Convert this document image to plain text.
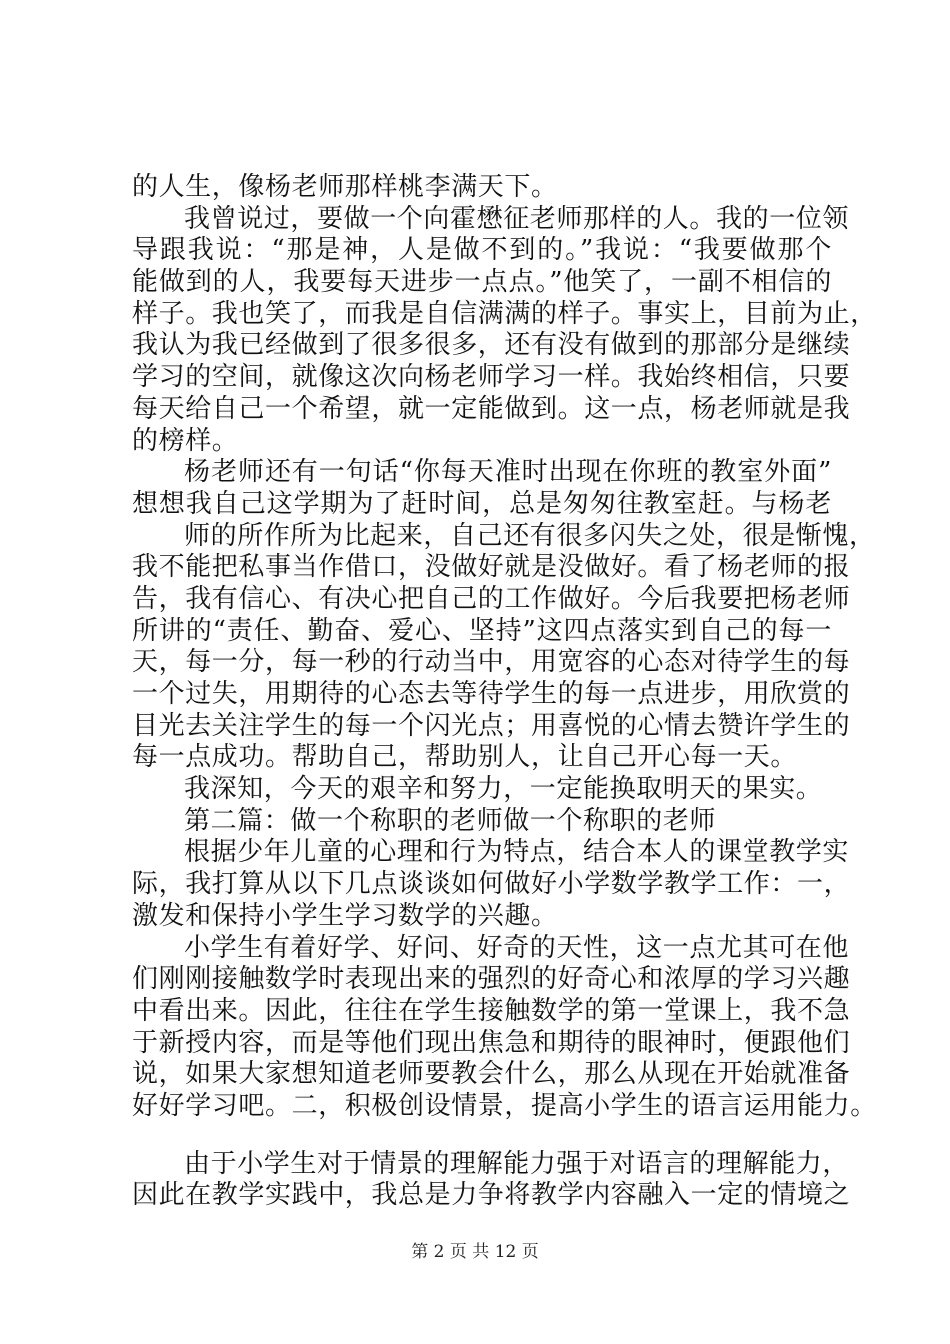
的人生，像杨老师那样桃李满天下。
我曾说过，要做一个向霍懋征老师那样的人。我的一位领
导跟我说：“那是神，人是做不到的。”我说：“我要做那个
能做到的人，我要每天进步一点点。”他笑了，一副不相信的
样子。我也笑了，而我是自信满满的样子。事实上，目前为止，
我认为我已经做到了很多很多，还有没有做到的那部分是继续
学习的空间，就像这次向杨老师学习一样。我始终相信，只要
每天给自己一个希望，就一定能做到。这一点，杨老师就是我
的榜样。
杨老师还有一句话“你每天准时出现在你班的教室外面”
想想我自己这学期为了赶时间，总是匆匆往教室赶。与杨老
师的所作所为比起来，自己还有很多闪失之处，很是惭愧，
我不能把私事当作借口，没做好就是没做好。看了杨老师的报
告，我有信心、有决心把自己的工作做好。今后我要把杨老师
所讲的“责任、勤奋、爱心、坚持”这四点落实到自己的每一
天，每一分，每一秒的行动当中，用宽容的心态对待学生的每
一个过失，用期待的心态去等待学生的每一点进步，用欣赏的
目光去关注学生的每一个闪光点；用喜悦的心情去赞许学生的
每一点成功。帮助自己，帮助别人，让自己开心每一天。
我深知，今天的艰辛和努力，一定能换取明天的果实。
第二篇：做一个称职的老师做一个称职的老师
根据少年儿童的心理和行为特点，结合本人的课堂教学实
际，我打算从以下几点谈谈如何做好小学数学教学工作：一，
激发和保持小学生学习数学的兴趣。
小学生有着好学、好问、好奇的天性，这一点尤其可在他
们刚刚接触数学时表现出来的强烈的好奇心和浓厚的学习兴趣
中看出来。因此，往往在学生接触数学的第一堂课上，我不急
于新授内容，而是等他们现出焦急和期待的眼神时，便跟他们
说，如果大家想知道老师要教会什么，那么从现在开始就准备
好好学习吧。二，积极创设情景，提高小学生的语言运用能力。
由于小学生对于情景的理解能力强于对语言的理解能力，
因此在教学实践中，我总是力争将教学内容融入一定的情境之
第 2 页 共 12 页
